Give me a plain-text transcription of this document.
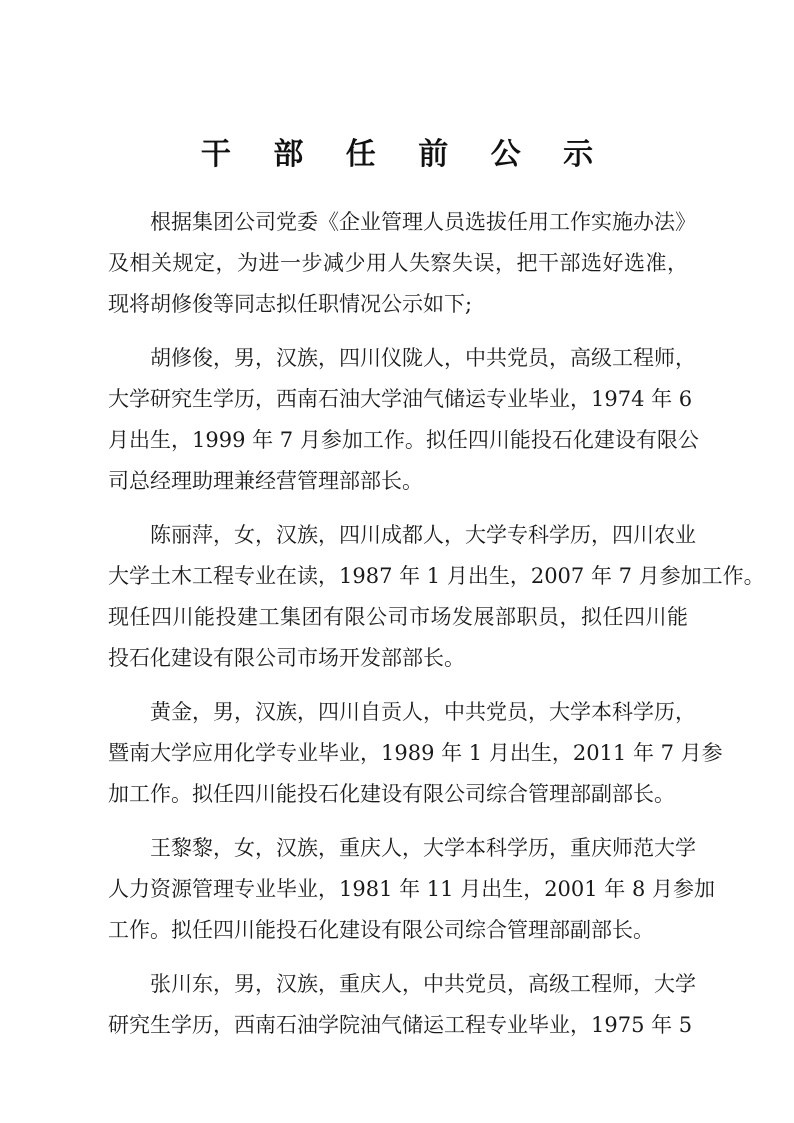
干 部 任 前 公 示
根据集团公司党委《企业管理人员选拔任用工作实施办法》
及相关规定，为进一步减少用人失察失误，把干部选好选准，
现将胡修俊等同志拟任职情况公示如下;
胡修俊，男，汉族，四川仪陇人，中共党员，高级工程师，
大学研究生学历，西南石油大学油气储运专业毕业，1974 年 6
月出生，1999 年 7 月参加工作。拟任四川能投石化建设有限公
司总经理助理兼经营管理部部长。
陈丽萍，女，汉族，四川成都人，大学专科学历，四川农业
大学土木工程专业在读，1987 年 1 月出生，2007 年 7 月参加工作。
现任四川能投建工集团有限公司市场发展部职员，拟任四川能
投石化建设有限公司市场开发部部长。
黄金，男，汉族，四川自贡人，中共党员，大学本科学历，
暨南大学应用化学专业毕业，1989 年 1 月出生，2011 年 7 月参
加工作。拟任四川能投石化建设有限公司综合管理部副部长。
王黎黎，女，汉族，重庆人，大学本科学历，重庆师范大学
人力资源管理专业毕业，1981 年 11 月出生，2001 年 8 月参加
工作。拟任四川能投石化建设有限公司综合管理部副部长。
张川东，男，汉族，重庆人，中共党员，高级工程师，大学
研究生学历，西南石油学院油气储运工程专业毕业，1975 年 5
